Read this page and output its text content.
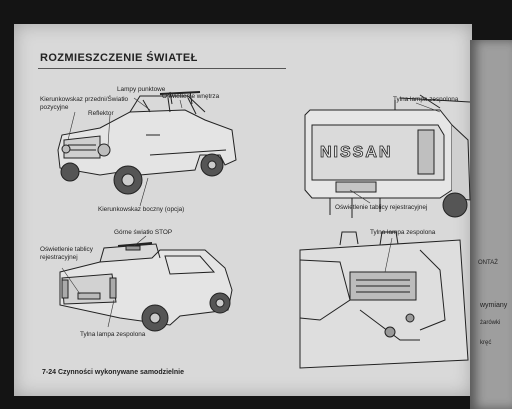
ONTAŻ
wymiany
żarówki
kręć
ROZMIESZCZENIE ŚWIATEŁ
NISSAN
Kierunkowskaz przedni/Światło
pozycyjne
Lampy punktowe
Oświetlenie wnętrza
Reflektor
Kierunkowskaz boczny (opcja)
Tylna lampa zespolona
Oświetlenie tablicy rejestracyjnej
Górne światło STOP
Oświetlenie tablicy
rejestracyjnej
Tylna lampa zespolona
Tylna lampa zespolona
7-24 Czynności wykonywane samodzielnie
